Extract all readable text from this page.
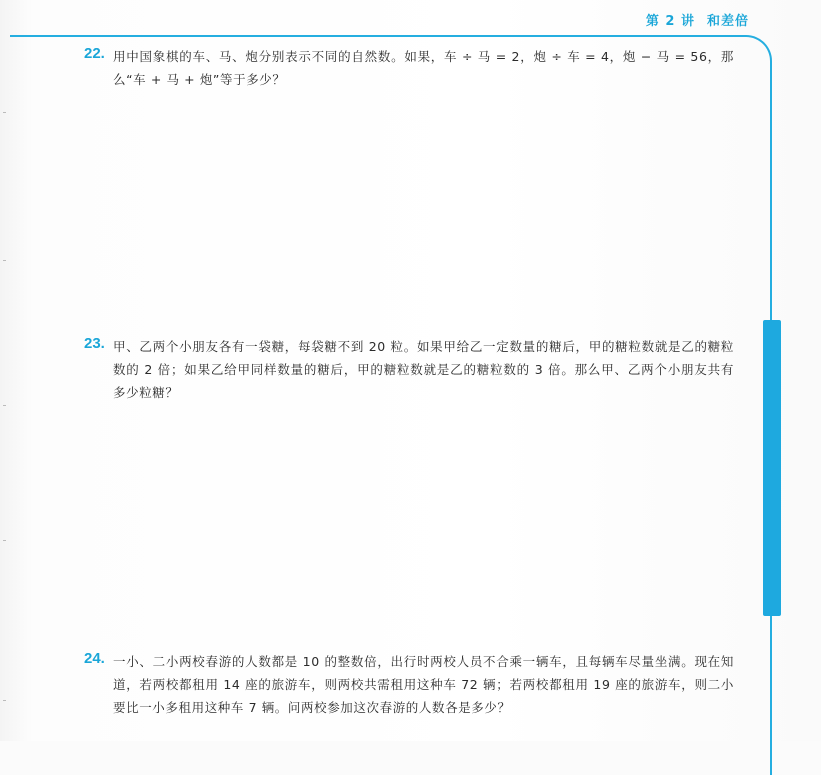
第 2 讲 和差倍
22. 用中国象棋的车、马、炮分别表示不同的自然数。如果，车 ÷ 马 = 2，炮 ÷ 车 = 4，炮 − 马 = 56，那么“车 + 马 + 炮”等于多少？
23. 甲、乙两个小朋友各有一袋糖，每袋糖不到 20 粒。如果甲给乙一定数量的糖后，甲的糖粒数就是乙的糖粒数的 2 倍；如果乙给甲同样数量的糖后，甲的糖粒数就是乙的糖粒数的 3 倍。那么甲、乙两个小朋友共有多少粒糖？
24. 一小、二小两校春游的人数都是 10 的整数倍，出行时两校人员不合乘一辆车，且每辆车尽量坐满。现在知道，若两校都租用 14 座的旅游车，则两校共需租用这种车 72 辆；若两校都租用 19 座的旅游车，则二小要比一小多租用这种车 7 辆。问两校参加这次春游的人数各是多少？
